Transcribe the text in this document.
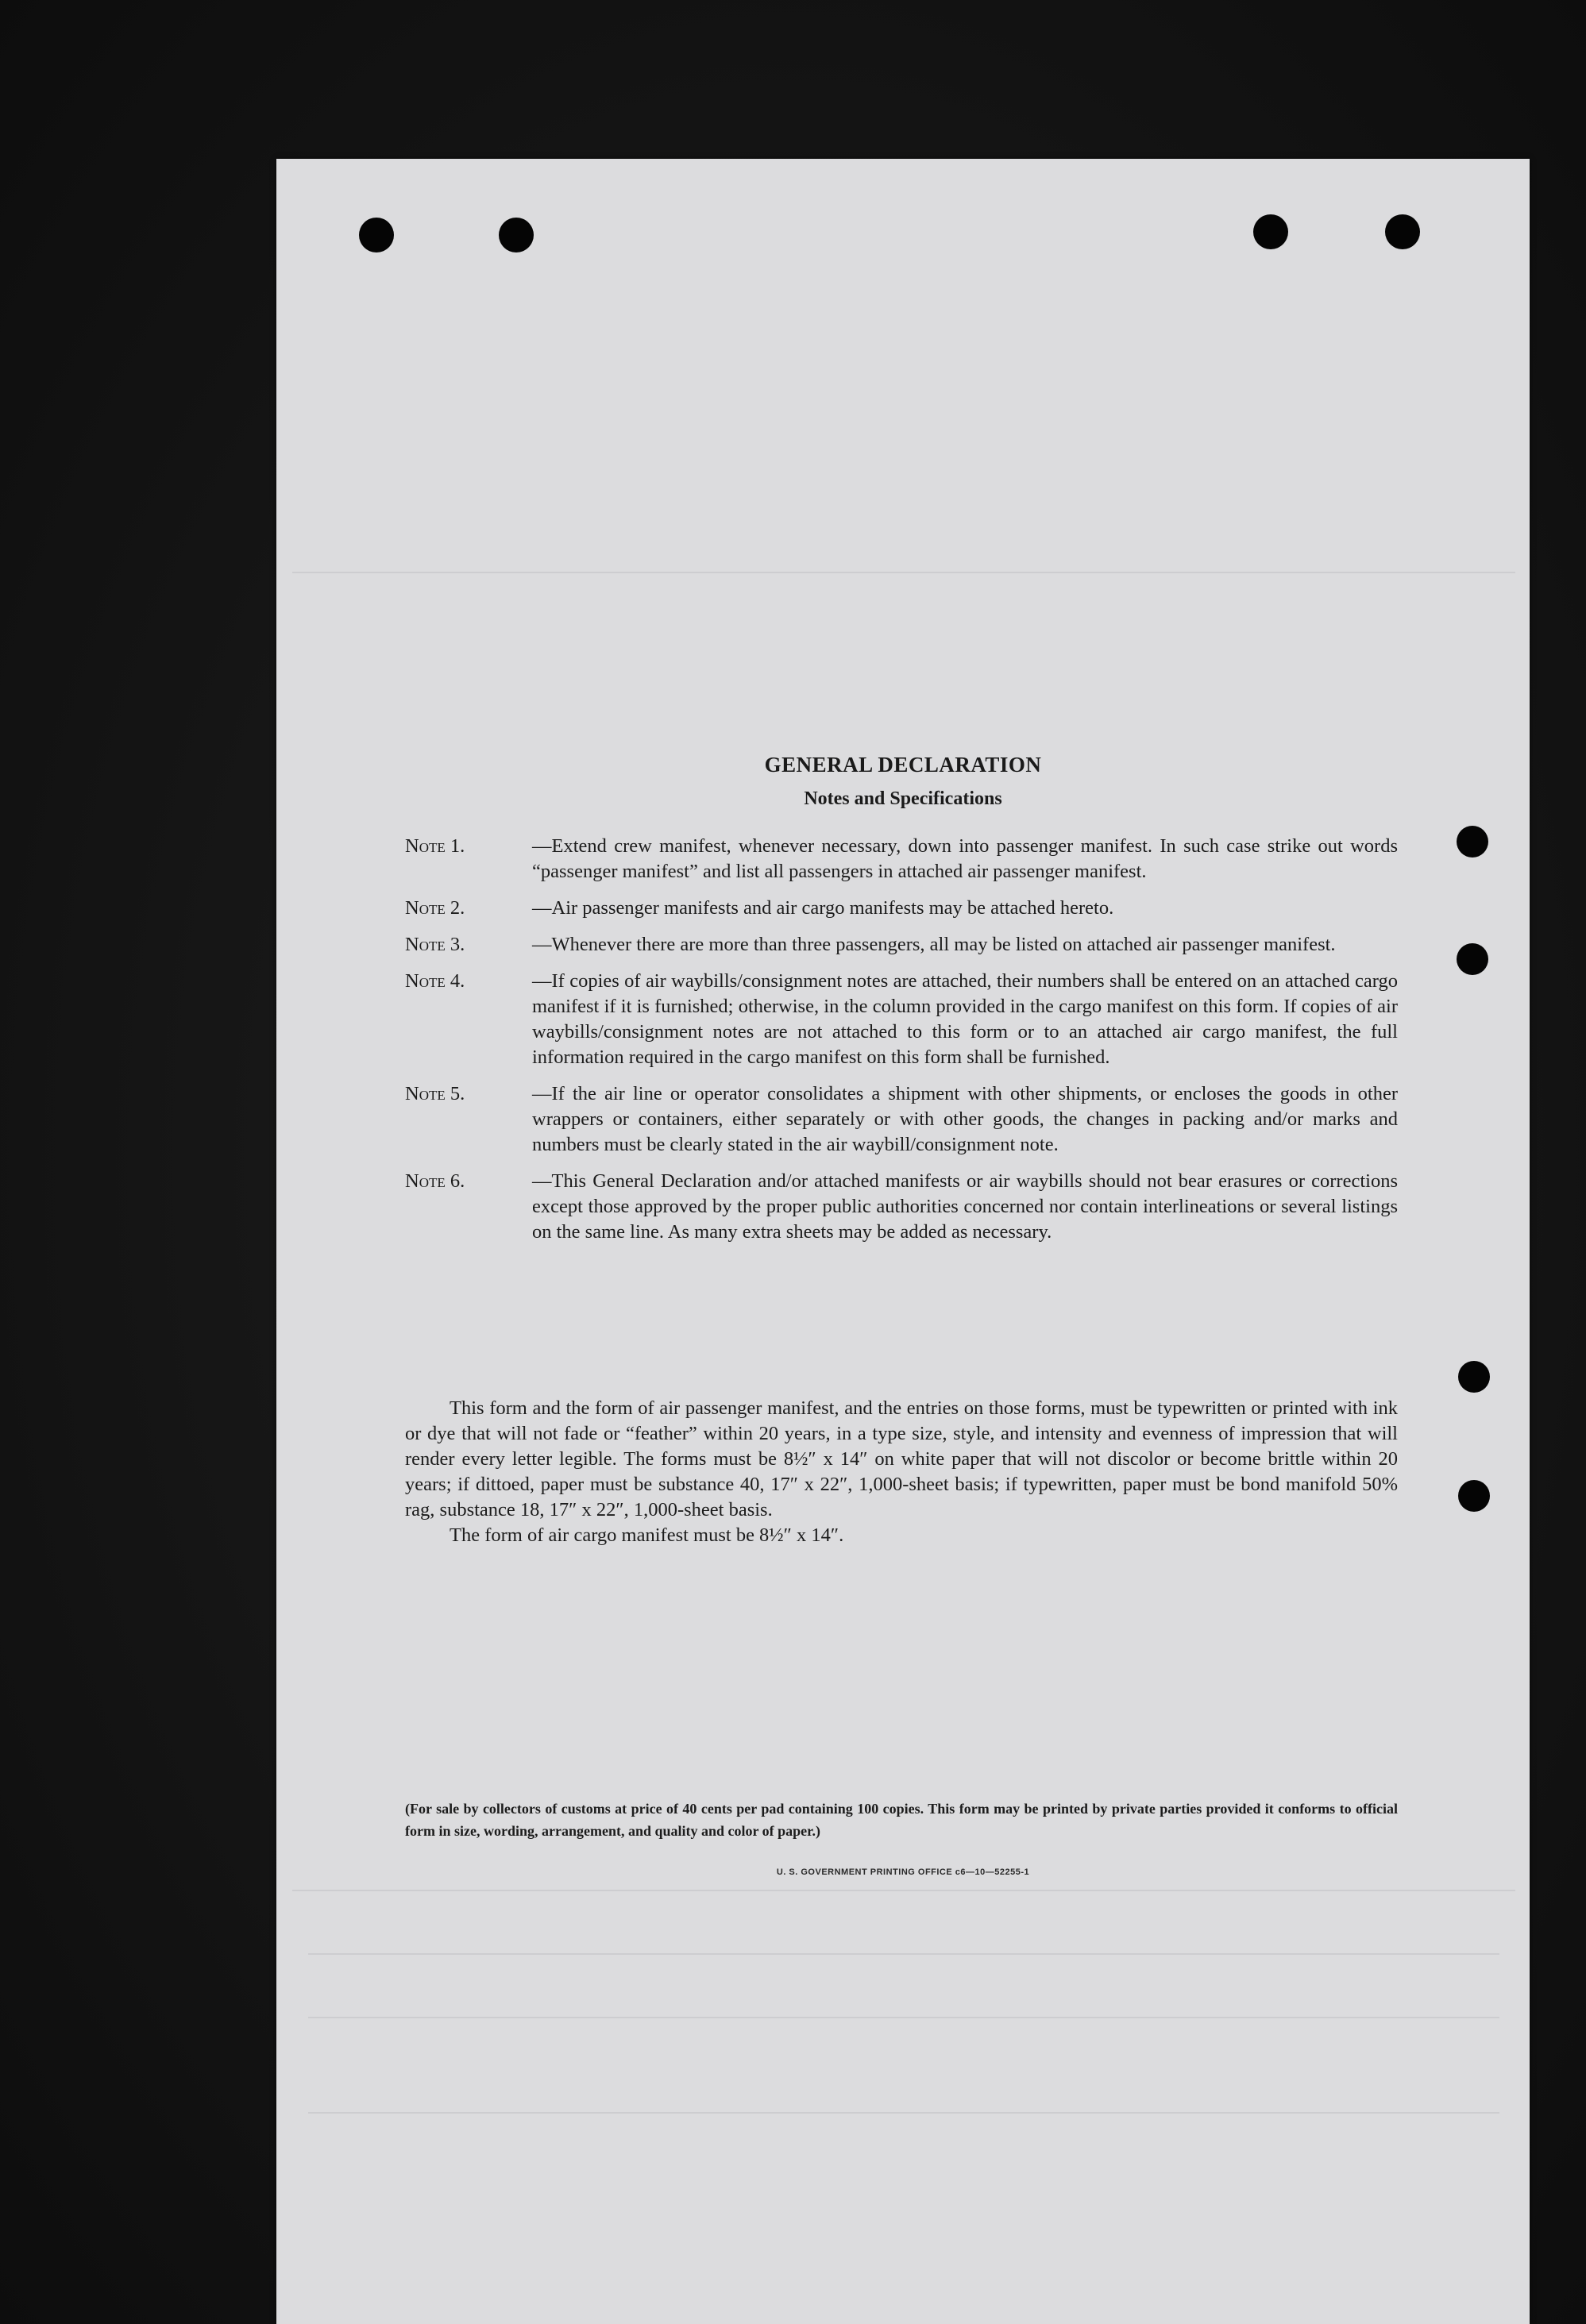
GENERAL DECLARATION
Notes and Specifications
Note 1.	—Extend crew manifest, whenever necessary, down into passenger manifest. In such case strike out words “passenger manifest” and list all passengers in attached air passenger manifest.
Note 2.	—Air passenger manifests and air cargo manifests may be attached hereto.
Note 3.	—Whenever there are more than three passengers, all may be listed on attached air passenger manifest.
Note 4.	—If copies of air waybills/consignment notes are attached, their numbers shall be entered on an attached cargo manifest if it is furnished; otherwise, in the column provided in the cargo manifest on this form. If copies of air waybills/consignment notes are not attached to this form or to an attached air cargo manifest, the full information required in the cargo manifest on this form shall be furnished.
Note 5.	—If the air line or operator consolidates a shipment with other shipments, or encloses the goods in other wrappers or containers, either separately or with other goods, the changes in packing and/or marks and numbers must be clearly stated in the air waybill/consignment note.
Note 6.	—This General Declaration and/or attached manifests or air waybills should not bear erasures or corrections except those approved by the proper public authorities concerned nor contain interlineations or several listings on the same line. As many extra sheets may be added as necessary.

This form and the form of air passenger manifest, and the entries on those forms, must be typewritten or printed with ink or dye that will not fade or “feather” within 20 years, in a type size, style, and intensity and evenness of impression that will render every letter legible. The forms must be 8½″ x 14″ on white paper that will not discolor or become brittle within 20 years; if dittoed, paper must be substance 40, 17″ x 22″, 1,000-sheet basis; if typewritten, paper must be bond manifold 50% rag, substance 18, 17″ x 22″, 1,000-sheet basis.

The form of air cargo manifest must be 8½″ x 14″.

(For sale by collectors of customs at price of 40 cents per pad containing 100 copies. This form may be printed by private parties provided it conforms to official form in size, wording, arrangement, and quality and color of paper.)
U. S. GOVERNMENT PRINTING OFFICE c6—10—52255-1
